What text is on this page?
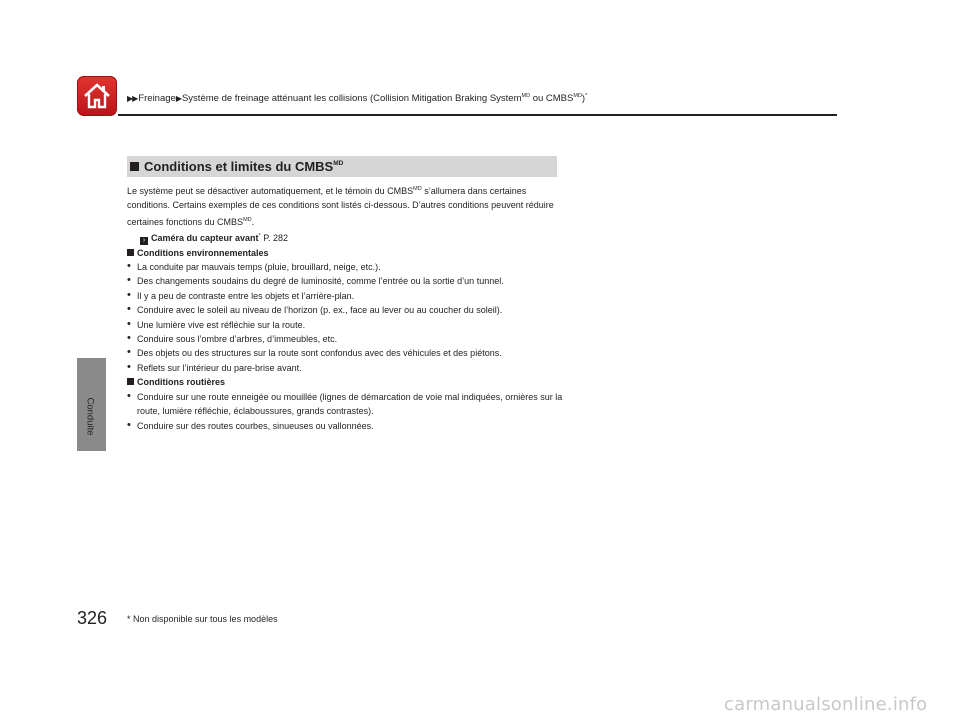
▶▶Freinage▶Système de freinage atténuant les collisions (Collision Mitigation Braking System$^{MD}$ ou $CMBS^{MD})^*$
Conduite
Conditions et limites du $CMBS^{MD}$

Le système peut se désactiver automatiquement, et le témoin du $CMBS^{MD}$ s’allumera dans certaines conditions. Certains exemples de ces conditions sont listés ci-dessous. D’autres conditions peuvent réduire certaines fonctions du $CMBS^{MD}$.

› Caméra du capteur avant* P. 282

Conditions environnementales

• La conduite par mauvais temps (pluie, brouillard, neige, etc.).
• Des changements soudains du degré de luminosité, comme l’entrée ou la sortie d’un tunnel.
• Il y a peu de contraste entre les objets et l’arrière-plan.
• Conduire avec le soleil au niveau de l’horizon (p. ex., face au lever ou au coucher du soleil).
• Une lumière vive est réfléchie sur la route.
• Conduire sous l’ombre d’arbres, d’immeubles, etc.
• Des objets ou des structures sur la route sont confondus avec des véhicules et des piétons.
• Reflets sur l’intérieur du pare-brise avant.

Conditions routières

• Conduire sur une route enneigée ou mouillée (lignes de démarcation de voie mal indiquées, ornières sur la route, lumière réfléchie, éclaboussures, grands contrastes).
• Conduire sur des routes courbes, sinueuses ou vallonnées.
326 * Non disponible sur tous les modèles
carmanualsonline.info
